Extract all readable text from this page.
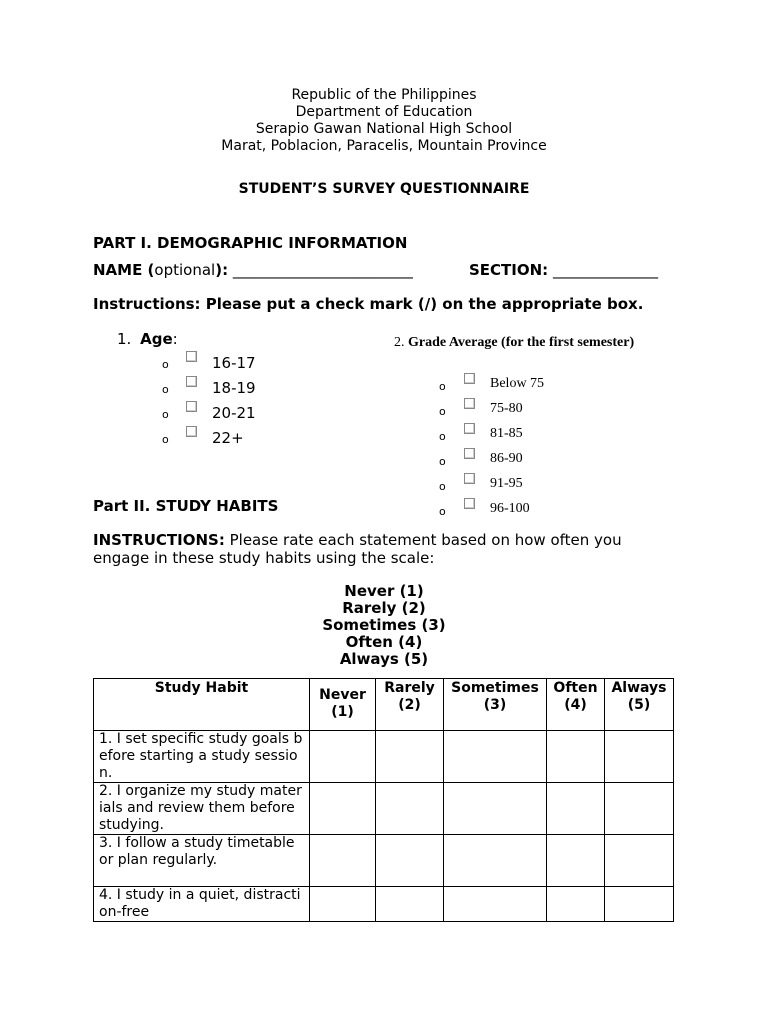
Republic of the Philippines
Department of Education
Serapio Gawan National High School
Marat, Poblacion, Paracelis, Mountain Province
STUDENT’S SURVEY QUESTIONNAIRE
PART I. DEMOGRAPHIC INFORMATION
NAME (optional): ________________________	SECTION: ______________
Instructions: Please put a check mark (/) on the appropriate box.
1. Age:
o	16-17
o	18-19
o	20-21
o	22+
2. Grade Average (for the first semester)
o	Below 75
o	75-80
o	81-85
o	86-90
o	91-95
o	96-100
Part II. STUDY HABITS
INSTRUCTIONS: Please rate each statement based on how often you
engage in these study habits using the scale:
Never (1)
Rarely (2)
Sometimes (3)
Often (4)
Always (5)
Study Habit	Never (1)	Rarely (2)	Sometimes (3)	Often (4)	Always (5)
1. I set specific study goals before starting a study session.					
2. I organize my study materials and review them before studying.					
3. I follow a study timetable or plan regularly.					
4. I study in a quiet, distraction-free					
